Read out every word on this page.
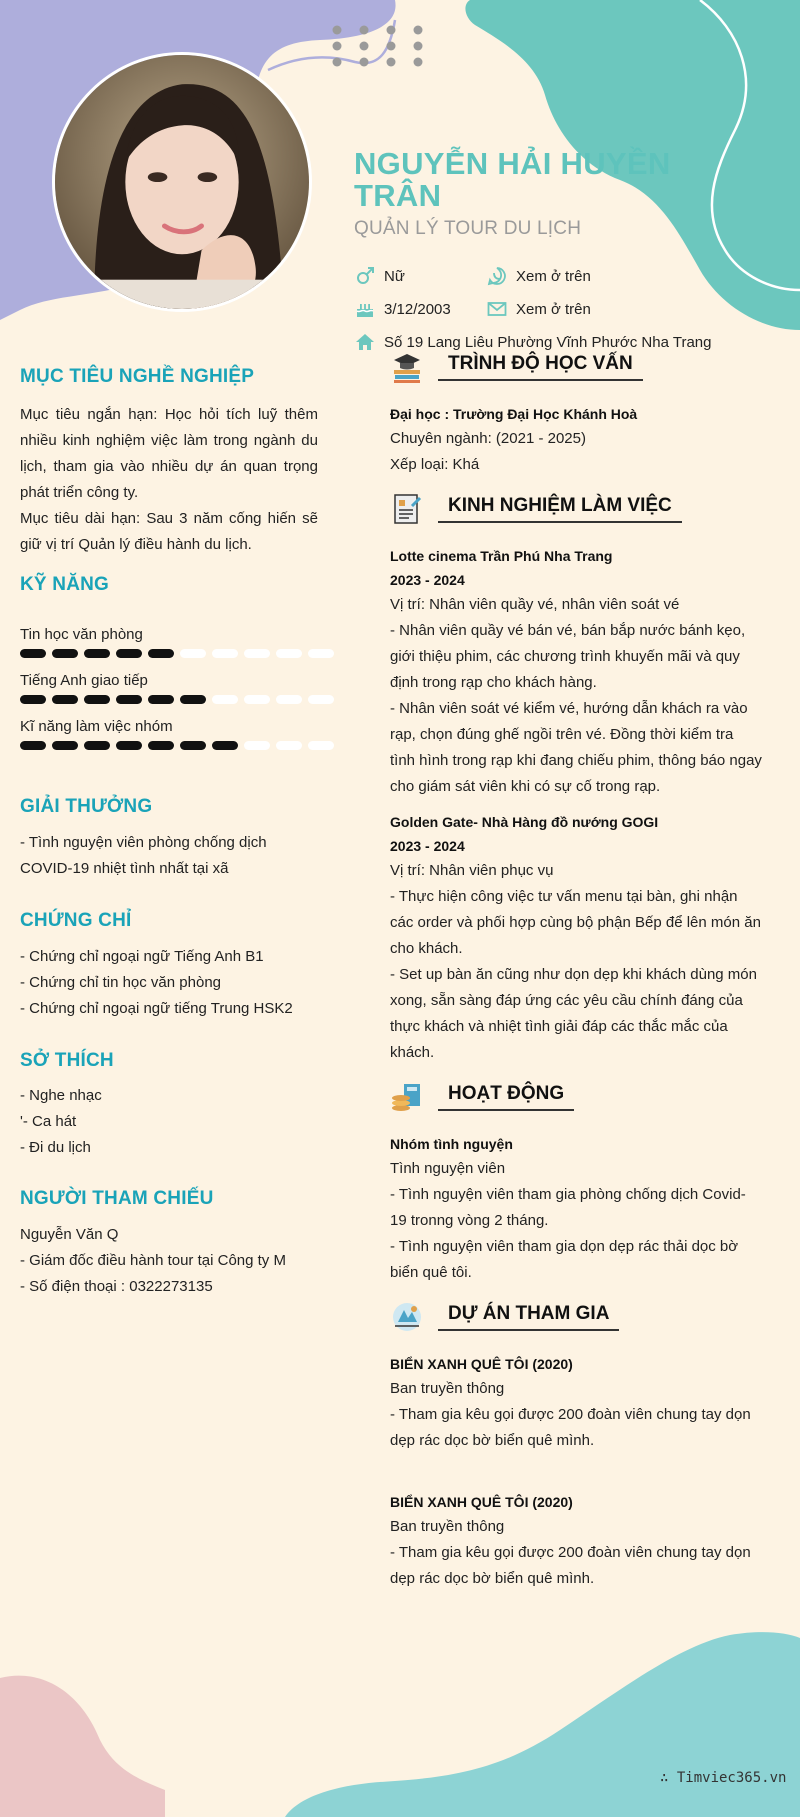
NGUYỄN HẢI HUYỀN TRÂN
QUẢN LÝ TOUR DU LỊCH
Nữ	Xem ở trên
3/12/2003	Xem ở trên
Số 19 Lang Liêu Phường Vĩnh Phước Nha Trang
MỤC TIÊU NGHỀ NGHIỆP
Mục tiêu ngắn hạn: Học hỏi tích luỹ thêm nhiều kinh nghiệm việc làm trong ngành du lịch, tham gia vào nhiều dự án quan trọng phát triển công ty.
Mục tiêu dài hạn: Sau 3 năm cống hiến sẽ giữ vị trí Quản lý điều hành du lịch.
KỸ NĂNG
Tin học văn phòng
Tiếng Anh giao tiếp
Kĩ năng làm việc nhóm
GIẢI THƯỞNG
- Tình nguyện viên phòng chống dịch COVID-19 nhiệt tình nhất tại xã
CHỨNG CHỈ
- Chứng chỉ ngoại ngữ Tiếng Anh B1
- Chứng chỉ tin học văn phòng
- Chứng chỉ ngoại ngữ tiếng Trung HSK2
SỞ THÍCH
- Nghe nhạc
'- Ca hát
- Đi du lịch
NGƯỜI THAM CHIẾU
Nguyễn Văn Q
- Giám đốc điều hành tour tại Công ty M
- Số điện thoại : 0322273135
TRÌNH ĐỘ HỌC VẤN
Đại học : Trường Đại Học Khánh Hoà
Chuyên ngành: (2021 - 2025)
Xếp loại: Khá
KINH NGHIỆM LÀM VIỆC
Lotte cinema Trần Phú Nha Trang
2023 - 2024
Vị trí: Nhân viên quầy vé, nhân viên soát vé
- Nhân viên quầy vé bán vé, bán bắp nước bánh kẹo, giới thiệu phim, các chương trình khuyến mãi và quy định trong rạp cho khách hàng.
- Nhân viên soát vé kiểm vé, hướng dẫn khách ra vào rạp, chọn đúng ghế ngồi trên vé. Đồng thời kiểm tra tình hình trong rạp khi đang chiếu phim, thông báo ngay cho giám sát viên khi có sự cố trong rạp.
Golden Gate- Nhà Hàng đồ nướng GOGI
2023 - 2024
Vị trí: Nhân viên phục vụ
- Thực hiện công việc tư vấn menu tại bàn, ghi nhận các order và phối hợp cùng bộ phận Bếp để lên món ăn cho khách.
- Set up bàn ăn cũng như dọn dẹp khi khách dùng món xong, sẵn sàng đáp ứng các yêu cầu chính đáng của thực khách và nhiệt tình giải đáp các thắc mắc của khách.
HOẠT ĐỘNG
Nhóm tình nguyện
Tình nguyện viên
- Tình nguyện viên tham gia phòng chống dịch Covid-19 tronng vòng 2 tháng.
- Tình nguyện viên tham gia dọn dẹp rác thải dọc bờ biển quê tôi.
DỰ ÁN THAM GIA
BIỂN XANH QUÊ TÔI (2020)
Ban truyền thông
- Tham gia kêu gọi được 200 đoàn viên chung tay dọn dẹp rác dọc bờ biển quê mình.
BIỂN XANH QUÊ TÔI (2020)
Ban truyền thông
- Tham gia kêu gọi được 200 đoàn viên chung tay dọn dẹp rác dọc bờ biển quê mình.
∴ Timviec365.vn
